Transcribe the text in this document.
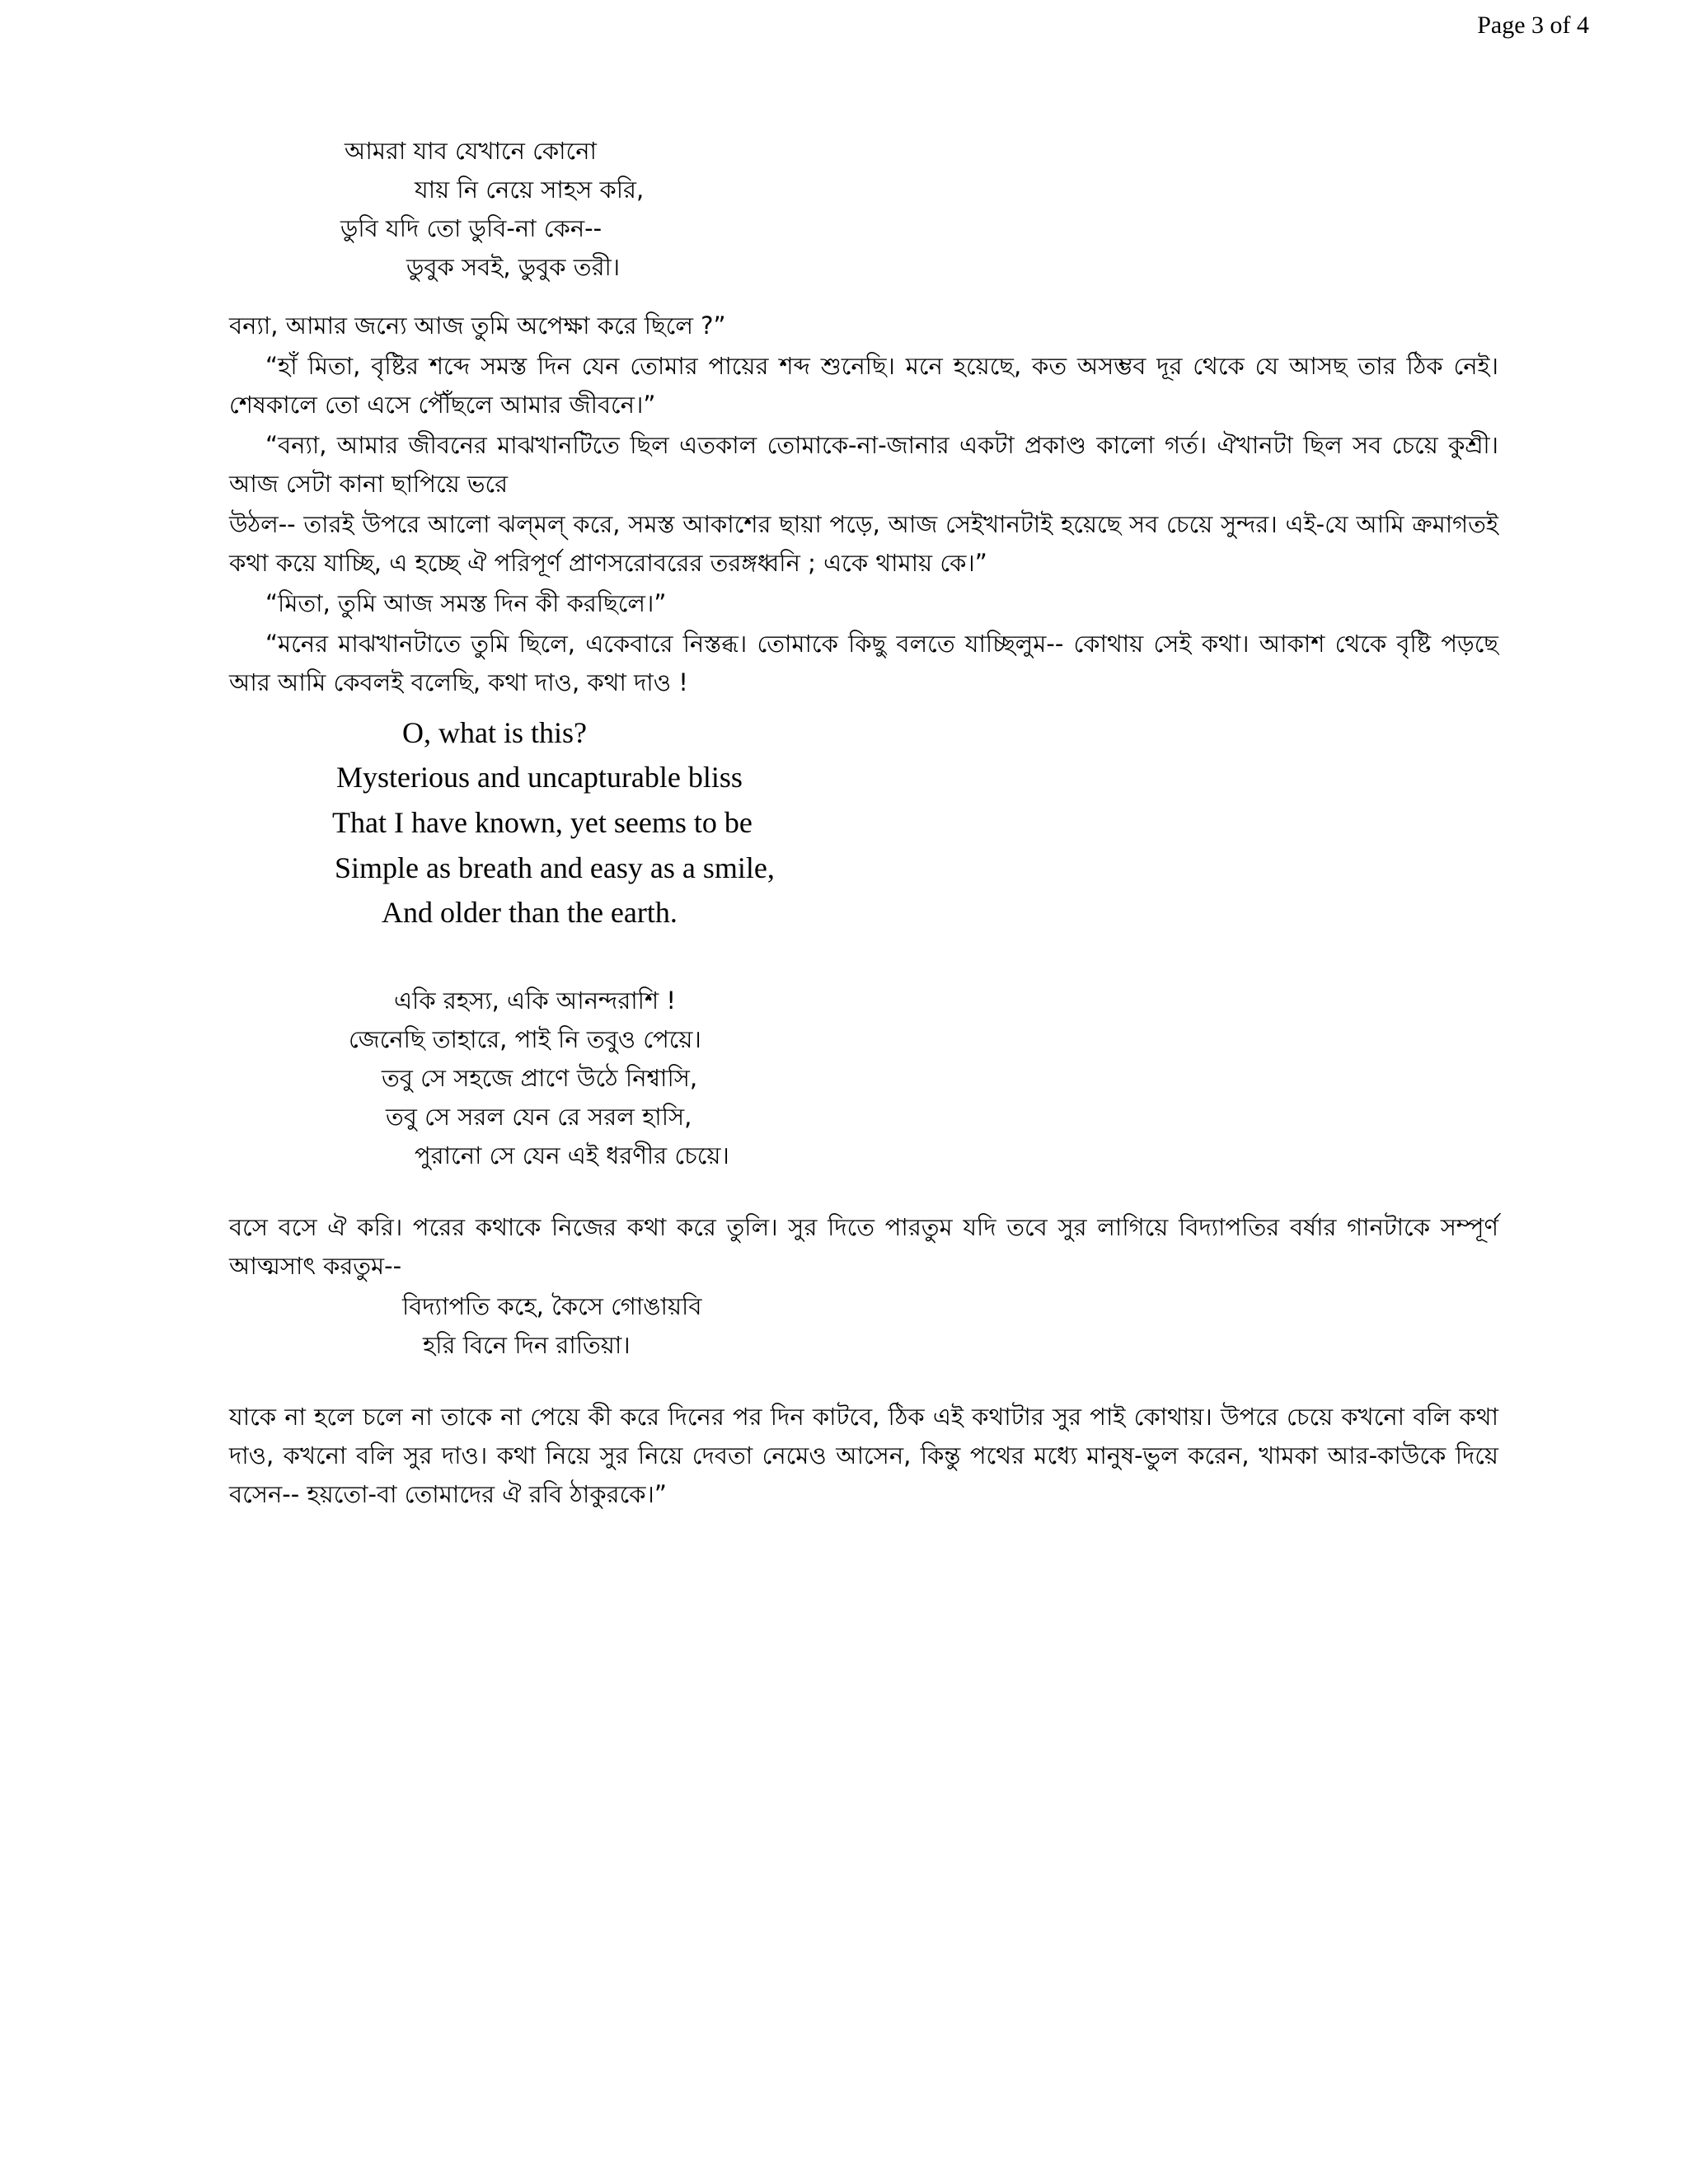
Page 3 of 4
আমরা যাব যেখানে কোনো
যায় নি নেয়ে সাহস করি,
ডুবি যদি তো ডুবি-না কেন--
ডুবুক সবই, ডুবুক তরী।

বন্যা, আমার জন্যে আজ তুমি অপেক্ষা করে ছিলে ?”

“হাঁ মিতা, বৃষ্টির শব্দে সমস্ত দিন যেন তোমার পায়ের শব্দ শুনেছি। মনে হয়েছে, কত অসম্ভব দূর থেকে যে আসছ তার ঠিক নেই। শেষকালে তো এসে পৌঁছলে আমার জীবনে।”

“বন্যা, আমার জীবনের মাঝখানটিতে ছিল এতকাল তোমাকে-না-জানার একটা প্রকাণ্ড কালো গর্ত। ঐখানটা ছিল সব চেয়ে কুশ্রী। আজ সেটা কানা ছাপিয়ে ভরে

উঠল-- তারই উপরে আলো ঝল্‌মল্‌ করে, সমস্ত আকাশের ছায়া পড়ে, আজ সেইখানটাই হয়েছে সব চেয়ে সুন্দর। এই-যে আমি ক্রমাগতই কথা কয়ে যাচ্ছি, এ হচ্ছে ঐ পরিপূর্ণ প্রাণসরোবরের তরঙ্গধ্বনি ; একে থামায় কে।”

“মিতা, তুমি আজ সমস্ত দিন কী করছিলে।”

“মনের মাঝখানটাতে তুমি ছিলে, একেবারে নিস্তব্ধ। তোমাকে কিছু বলতে যাচ্ছিলুম-- কোথায় সেই কথা। আকাশ থেকে বৃষ্টি পড়ছে আর আমি কেবলই বলেছি, কথা দাও, কথা দাও !

O, what is this?
Mysterious and uncapturable bliss
That I have known, yet seems to be
Simple as breath and easy as a smile,
And older than the earth.
একি রহস্য, একি আনন্দরাশি !
জেনেছি তাহারে, পাই নি তবুও পেয়ে।
তবু সে সহজে প্রাণে উঠে নিশ্বাসি,
তবু সে সরল যেন রে সরল হাসি,
পুরানো সে যেন এই ধরণীর চেয়ে।

বসে বসে ঐ করি। পরের কথাকে নিজের কথা করে তুলি। সুর দিতে পারতুম যদি তবে সুর লাগিয়ে বিদ্যাপতির বর্ষার গানটাকে সম্পূর্ণ আত্মসাৎ করতুম--

বিদ্যাপতি কহে, কৈসে গোঙায়বি
হরি বিনে দিন রাতিয়া।

যাকে না হলে চলে না তাকে না পেয়ে কী করে দিনের পর দিন কাটবে, ঠিক এই কথাটার সুর পাই কোথায়। উপরে চেয়ে কখনো বলি কথা দাও, কখনো বলি সুর দাও। কথা নিয়ে সুর নিয়ে দেবতা নেমেও আসেন, কিন্তু পথের মধ্যে মানুষ-ভুল করেন, খামকা আর-কাউকে দিয়ে বসেন-- হয়তো-বা তোমাদের ঐ রবি ঠাকুরকে।”
